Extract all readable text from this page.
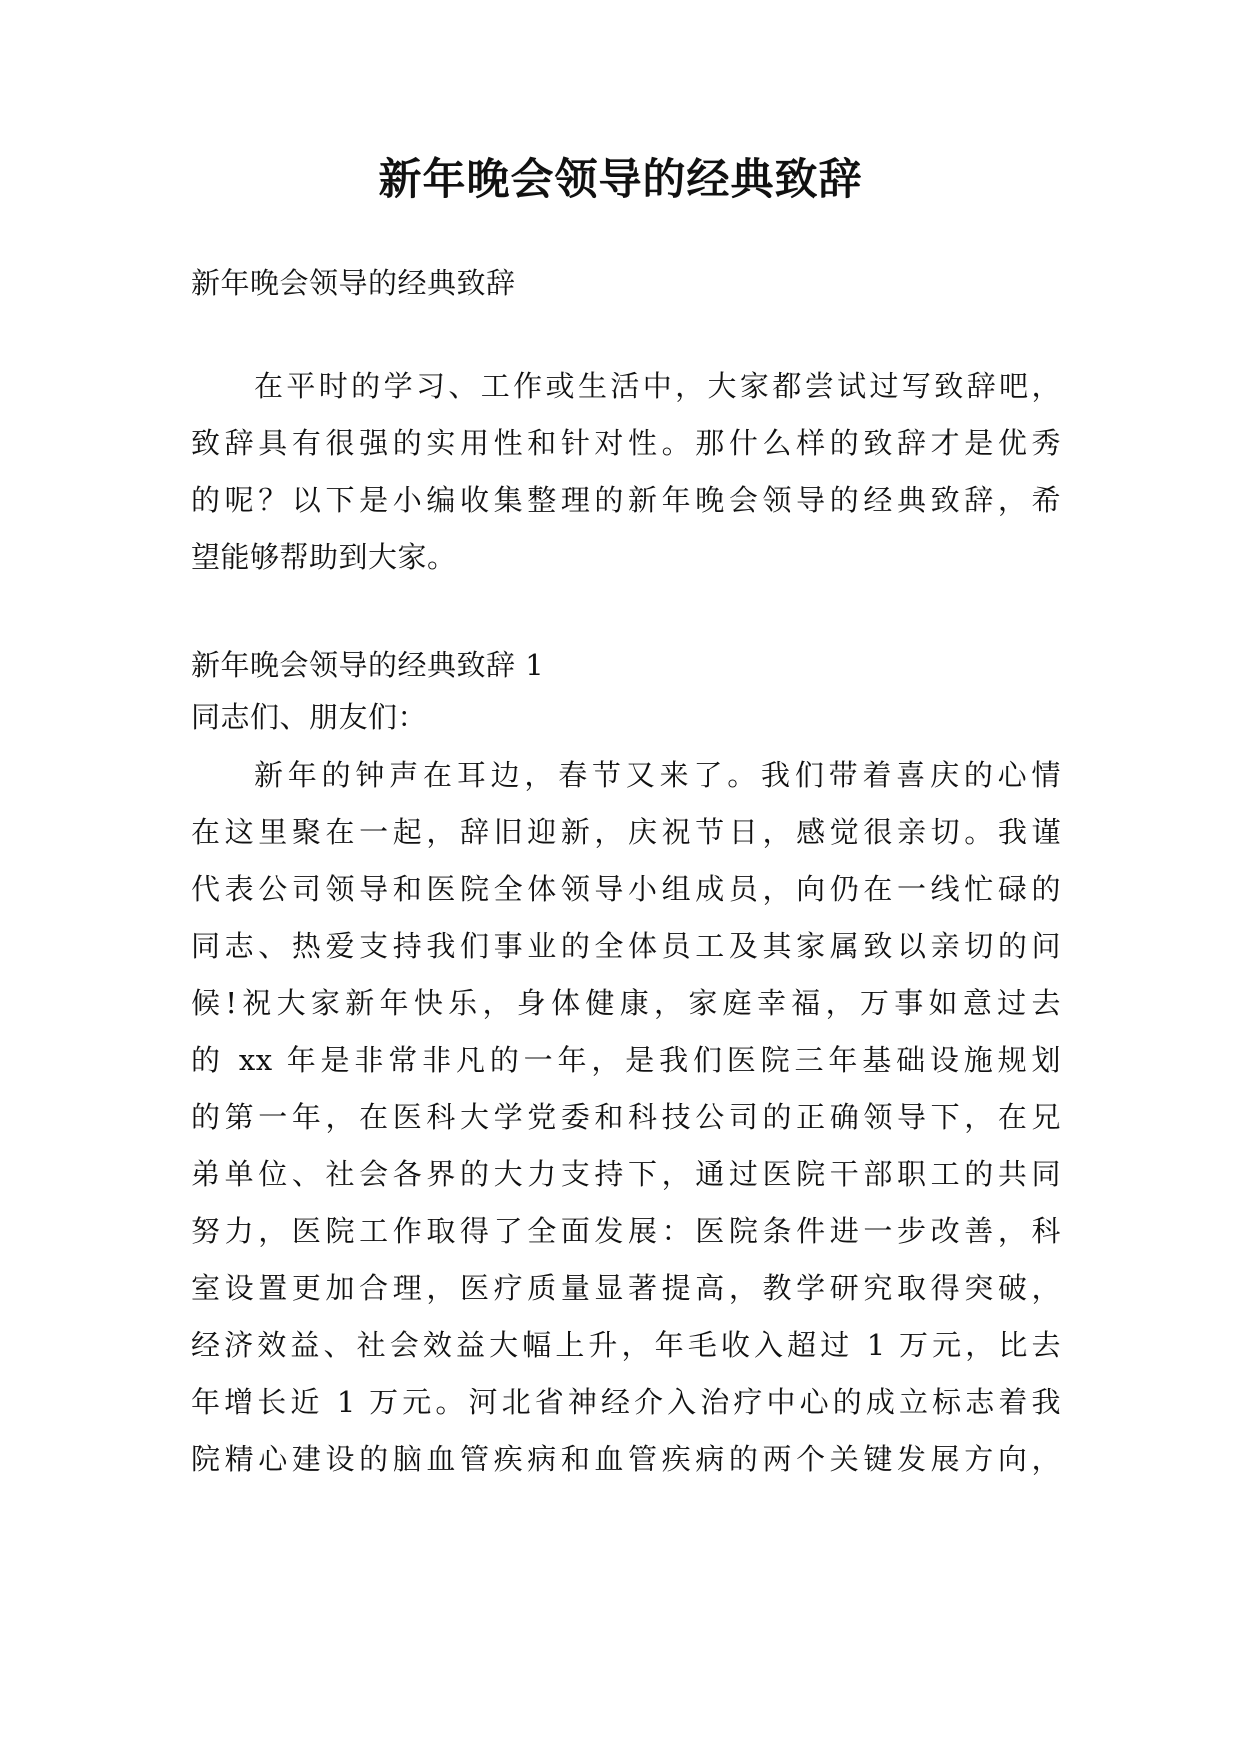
新年晚会领导的经典致辞
新年晚会领导的经典致辞
在平时的学习、工作或生活中，大家都尝试过写致辞吧，
致辞具有很强的实用性和针对性。那什么样的致辞才是优秀
的呢？以下是小编收集整理的新年晚会领导的经典致辞，希
望能够帮助到大家。
新年晚会领导的经典致辞 1
同志们、朋友们：
新年的钟声在耳边，春节又来了。我们带着喜庆的心情
在这里聚在一起，辞旧迎新，庆祝节日，感觉很亲切。我谨
代表公司领导和医院全体领导小组成员，向仍在一线忙碌的
同志、热爱支持我们事业的全体员工及其家属致以亲切的问
候!祝大家新年快乐，身体健康，家庭幸福，万事如意过去
的 xx 年是非常非凡的一年，是我们医院三年基础设施规划
的第一年，在医科大学党委和科技公司的正确领导下，在兄
弟单位、社会各界的大力支持下，通过医院干部职工的共同
努力，医院工作取得了全面发展：医院条件进一步改善，科
室设置更加合理，医疗质量显著提高，教学研究取得突破，
经济效益、社会效益大幅上升，年毛收入超过 1 万元，比去
年增长近 1 万元。河北省神经介入治疗中心的成立标志着我
院精心建设的脑血管疾病和血管疾病的两个关键发展方向，
